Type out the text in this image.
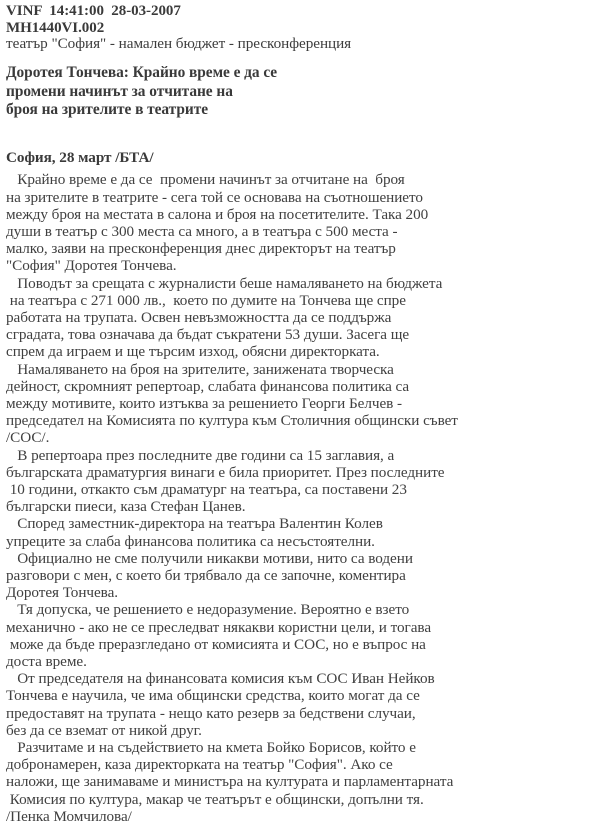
VINF  14:41:00  28-03-2007
MH1440VI.002
театър "София" - намален бюджет - пресконференция
Доротея Тончева: Крайно време е да се
промени начинът за отчитане на
броя на зрителите в театрите
София, 28 март /БТА/
Крайно време е да се  промени начинът за отчитане на  броя
на зрителите в театрите - сега той се основава на съотношението
между броя на местата в салона и броя на посетителите. Така 200
души в театър с 300 места са много, а в театъра с 500 места -
малко, заяви на пресконференция днес директорът на театър
"София" Доротея Тончева.
Поводът за срещата с журналисти беше намаляването на бюджета
на театъра с 271 000 лв.,  което по думите на Тончева ще спре
работата на трупата. Освен невъзможността да се поддържа
сградата, това означава да бъдат съкратени 53 души. Засега ще
спрем да играем и ще търсим изход, обясни директорката.
Намаляването на броя на зрителите, занижената творческа
дейност, скромният репертоар, слабата финансова политика са
между мотивите, които изтъква за решението Георги Белчев -
председател на Комисията по култура към Столичния общински съвет
/СОС/.
В репертоара през последните две години са 15 заглавия, а
българската драматургия винаги е била приоритет. През последните
10 години, откакто съм драматург на театъра, са поставени 23
български пиеси, каза Стефан Цанев.
Според заместник-директора на театъра Валентин Колев
упреците за слаба финансова политика са несъстоятелни.
Официално не сме получили никакви мотиви, нито са водени
разговори с мен, с което би трябвало да се започне, коментира
Доротея Тончева.
Тя допуска, че решението е недоразумение. Вероятно е взето
механично - ако не се преследват някакви користни цели, и тогава
може да бъде преразгледано от комисията и СОС, но е въпрос на
доста време.
От председателя на финансовата комисия към СОС Иван Нейков
Тончева е научила, че има общински средства, които могат да се
предоставят на трупата - нещо като резерв за бедствени случаи,
без да се вземат от никой друг.
Разчитаме и на съдействието на кмета Бойко Борисов, който е
добронамерен, каза директорката на театър "София". Ако се
наложи, ще занимаваме и министъра на културата и парламентарната
Комисия по култура, макар че театърът е общински, допълни тя.
/Пенка Момчилова/
